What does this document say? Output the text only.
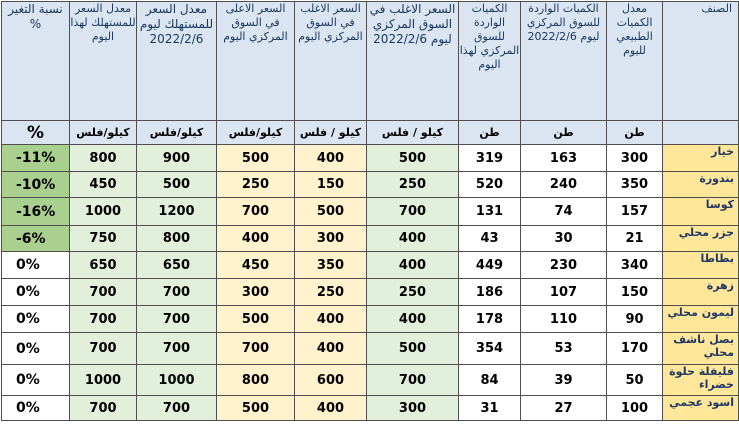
نسبة التغير %	معدل السعر للمستهلك لهذا اليوم	معدل السعر للمستهلك ليوم 2022/2/6	السعر الاعلى في السوق المركزي اليوم	السعر الاغلب في السوق المركزي اليوم	السعر الاغلب في السوق المركزي ليوم 2022/2/6	الكميات الواردة للسوق المركزي لهذا اليوم	الكميات الواردة للسوق المركزي ليوم 2022/2/6	معدل الكميات الطبيعي لليوم	الصنف
%	كيلو/فلس	كيلو/فلس	كيلو/فلس	كيلو / فلس	كيلو / فلس	طن	طن	طن	
-11%	800	900	500	400	500	319	163	300	خيار
-10%	450	500	250	150	250	520	240	350	بندورة
-16%	1000	1200	700	500	700	131	74	157	كوسا
-6%	750	800	400	300	400	43	30	21	جزر محلي
0%	650	650	450	350	400	449	230	340	بطاطا
0%	700	700	300	250	250	186	107	150	زهرة
0%	700	700	500	400	400	178	110	90	ليمون محلي
0%	700	700	700	400	500	354	53	170	بصل ناشف محلي
0%	1000	1000	800	600	700	84	39	50	فليفلة حلوة خضراء
0%	700	700	500	400	300	31	27	100	اسود عجمي
